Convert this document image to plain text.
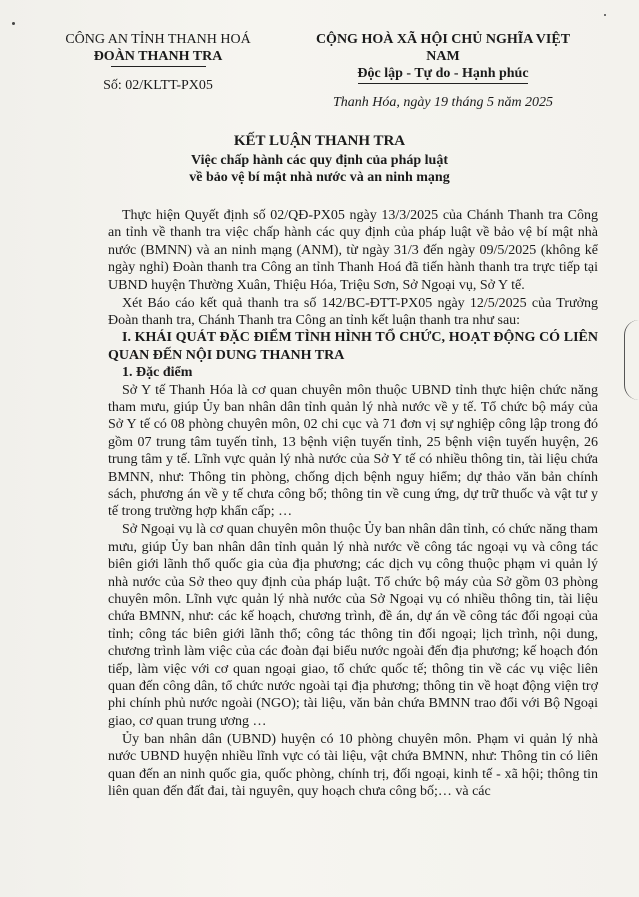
CÔNG AN TỈNH THANH HOÁ
ĐOÀN THANH TRA
Số: 02/KLTT-PX05
CỘNG HOÀ XÃ HỘI CHỦ NGHĨA VIỆT NAM
Độc lập - Tự do - Hạnh phúc
Thanh Hóa, ngày 19 tháng 5 năm 2025
KẾT LUẬN THANH TRA
Việc chấp hành các quy định của pháp luật
về bảo vệ bí mật nhà nước và an ninh mạng

Thực hiện Quyết định số 02/QĐ-PX05 ngày 13/3/2025 của Chánh Thanh tra Công an tỉnh về thanh tra việc chấp hành các quy định của pháp luật về bảo vệ bí mật nhà nước (BMNN) và an ninh mạng (ANM), từ ngày 31/3 đến ngày 09/5/2025 (không kể ngày nghỉ) Đoàn thanh tra Công an tỉnh Thanh Hoá đã tiến hành thanh tra trực tiếp tại UBND huyện Thường Xuân, Thiệu Hóa, Triệu Sơn, Sở Ngoại vụ, Sở Y tế.

Xét Báo cáo kết quả thanh tra số 142/BC-ĐTT-PX05 ngày 12/5/2025 của Trưởng Đoàn thanh tra, Chánh Thanh tra Công an tỉnh kết luận thanh tra như sau:

I. KHÁI QUÁT ĐẶC ĐIỂM TÌNH HÌNH TỔ CHỨC, HOẠT ĐỘNG CÓ LIÊN QUAN ĐẾN NỘI DUNG THANH TRA

1. Đặc điểm

Sở Y tế Thanh Hóa là cơ quan chuyên môn thuộc UBND tỉnh thực hiện chức năng tham mưu, giúp Ủy ban nhân dân tỉnh quản lý nhà nước về y tế. Tổ chức bộ máy của Sở Y tế có 08 phòng chuyên môn, 02 chi cục và 71 đơn vị sự nghiệp công lập trong đó gồm 07 trung tâm tuyến tỉnh, 13 bệnh viện tuyến tỉnh, 25 bệnh viện tuyến huyện, 26 trung tâm y tế. Lĩnh vực quản lý nhà nước của Sở Y tế có nhiều thông tin, tài liệu chứa BMNN, như: Thông tin phòng, chống dịch bệnh nguy hiểm; dự thảo văn bản chính sách, phương án về y tế chưa công bố; thông tin về cung ứng, dự trữ thuốc và vật tư y tế trong trường hợp khẩn cấp; …

Sở Ngoại vụ là cơ quan chuyên môn thuộc Ủy ban nhân dân tỉnh, có chức năng tham mưu, giúp Ủy ban nhân dân tỉnh quản lý nhà nước về công tác ngoại vụ và công tác biên giới lãnh thổ quốc gia của địa phương; các dịch vụ công thuộc phạm vi quản lý nhà nước của Sở theo quy định của pháp luật. Tổ chức bộ máy của Sở gồm 03 phòng chuyên môn. Lĩnh vực quản lý nhà nước của Sở Ngoại vụ có nhiều thông tin, tài liệu chứa BMNN, như: các kế hoạch, chương trình, đề án, dự án về công tác đối ngoại của tỉnh; công tác biên giới lãnh thổ; công tác thông tin đối ngoại; lịch trình, nội dung, chương trình làm việc của các đoàn đại biểu nước ngoài đến địa phương; kế hoạch đón tiếp, làm việc với cơ quan ngoại giao, tổ chức quốc tế; thông tin về các vụ việc liên quan đến công dân, tổ chức nước ngoài tại địa phương; thông tin về hoạt động viện trợ phi chính phủ nước ngoài (NGO); tài liệu, văn bản chứa BMNN trao đổi với Bộ Ngoại giao, cơ quan trung ương …

Ủy ban nhân dân (UBND) huyện có 10 phòng chuyên môn. Phạm vi quản lý nhà nước UBND huyện nhiều lĩnh vực có tài liệu, vật chứa BMNN, như: Thông tin có liên quan đến an ninh quốc gia, quốc phòng, chính trị, đối ngoại, kinh tế - xã hội; thông tin liên quan đến đất đai, tài nguyên, quy hoạch chưa công bố;… và các
